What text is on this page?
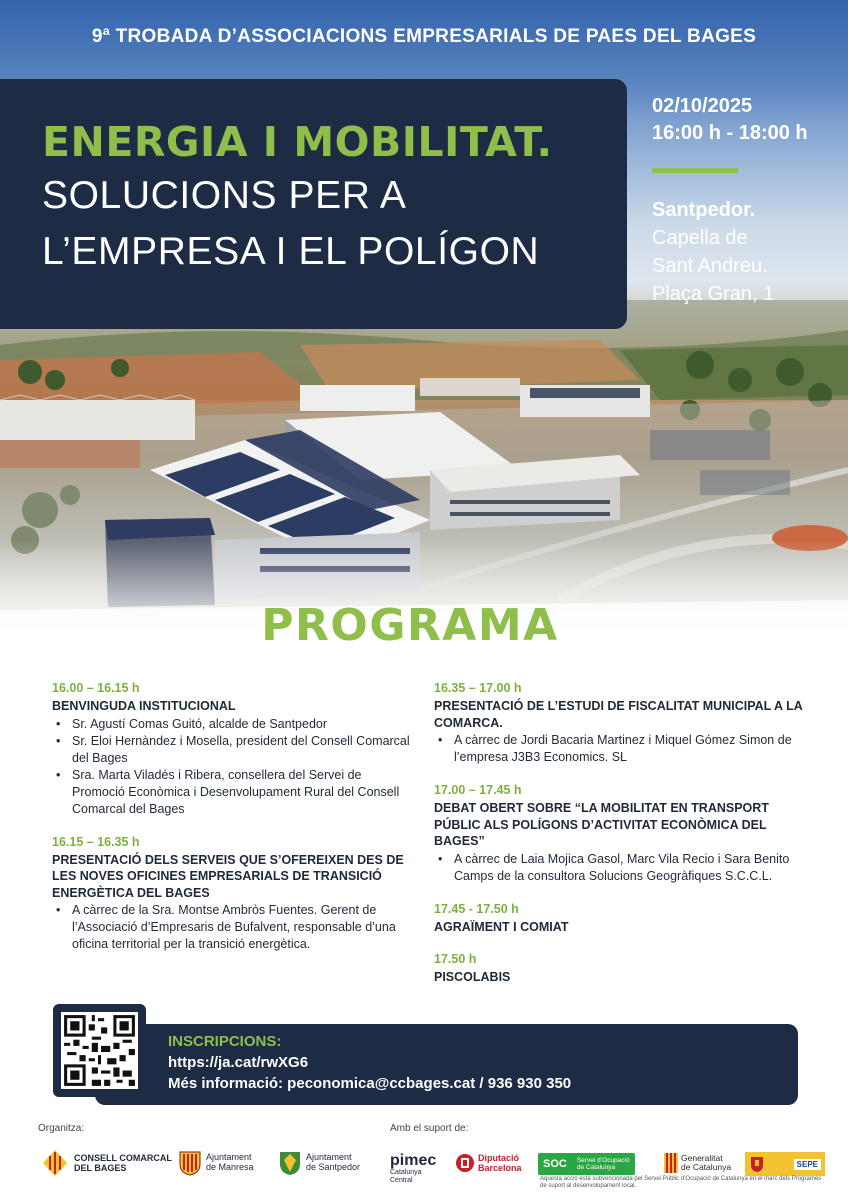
9ª TROBADA D’ASSOCIACIONS EMPRESARIALS DE PAES DEL BAGES
ENERGIA I MOBILITAT.
SOLUCIONS PER A
L’EMPRESA I EL POLÍGON
02/10/2025
16:00 h - 18:00 h
Santpedor.
Capella de
Sant Andreu.
Plaça Gran, 1
PROGRAMA
16.00 – 16.15 h
BENVINGUDA INSTITUCIONAL
• Sr. Agustí Comas Guitó, alcalde de Santpedor
• Sr. Eloi Hernàndez i Mosella, president del Consell Comarcal del Bages
• Sra. Marta Viladés i Ribera, consellera del Servei de Promoció Econòmica i Desenvolupament Rural del Consell Comarcal del Bages
16.15 – 16.35 h
PRESENTACIÓ DELS SERVEIS QUE S’OFEREIXEN DES DE LES NOVES OFICINES EMPRESARIALS DE TRANSICIÓ ENERGÈTICA DEL BAGES
• A càrrec de la Sra. Montse Ambròs Fuentes. Gerent de l’Associació d’Empresaris de Bufalvent, responsable d’una oficina territorial per la transició energètica.
16.35 – 17.00 h
PRESENTACIÓ DE L’ESTUDI DE FISCALITAT MUNICIPAL A LA COMARCA.
• A càrrec de Jordi Bacaria Martinez i Miquel Gómez Simon de l’empresa J3B3 Economics. SL
17.00 – 17.45 h
DEBAT OBERT SOBRE “LA MOBILITAT EN TRANSPORT PÚBLIC ALS POLÍGONS D’ACTIVITAT ECONÒMICA DEL BAGES”
• A càrrec de Laia Mojica Gasol, Marc Vila Recio i Sara Benito Camps de la consultora Solucions Geogràfiques S.C.C.L.
17.45 - 17.50 h
AGRAÏMENT I COMIAT
17.50 h
PISCOLABIS
INSCRIPCIONS:
https://ja.cat/rwXG6
Més informació: peconomica@ccbages.cat / 936 930 350
Organitza:	Amb el suport de:
CONSELL COMARCAL
DEL BAGES
Ajuntament
de Manresa
Ajuntament
de Santpedor pimec
Catalunya
Central
Diputació
Barcelona SOC Servei d’Ocupació
de Catalunya
Generalitat
de Catalunya	SEPE
Aquesta acció està subvencionada pel Servei Públic d’Ocupació de Catalunya en el marc dels Programes de suport al desenvolupament local.
